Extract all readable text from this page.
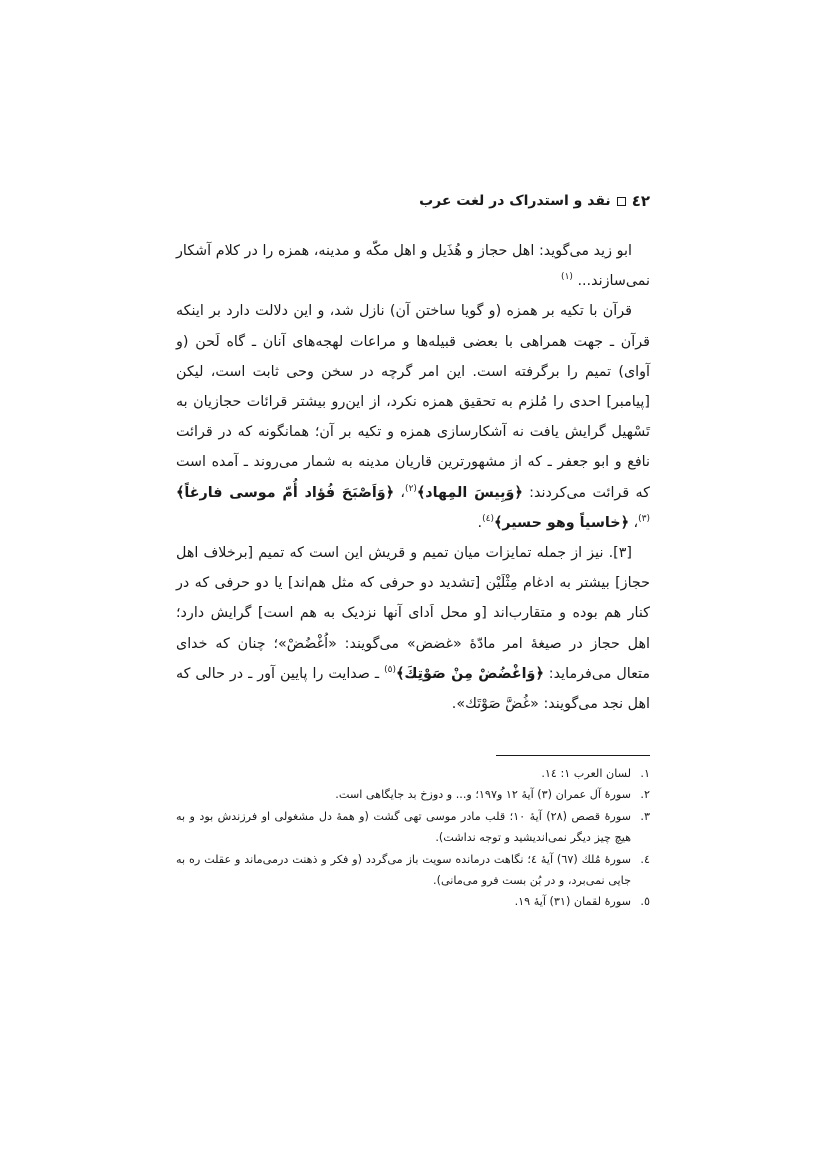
٤٢
نقد و استدراک در لغت عرب

ابو زید می‌گوید: اهل حجاز و هُذَیل و اهل مکّه و مدینه، همزه را در کلام آشکار نمی‌سازند... $^{(١)}$

قرآن با تکیه بر همزه (و گویا ساختن آن) نازل شد، و این دلالت دارد بر اینکه قرآن ـ جهت همراهی با بعضی قبیله‌ها و مراعات لهجه‌های آنان ـ گاه لَحن (و آوای) تمیم را برگرفته است. این امر گرچه در سخن وحی ثابت است، لیکن [پیامبر] احدی را مُلزم به تحقیق همزه نکرد، از این‌رو بیشتر قرائات حجازیان به تَسْهیل گرایش یافت نه آشکارسازی همزه و تکیه بر آن؛ همانگونه که در قرائت نافع و ابو جعفر ـ که از مشهورترین قاریان مدینه به شمار می‌روند ـ آمده است که قرائت می‌کردند: ﴿وَبِیسَ المِهاد﴾$^{(٢)}$، ﴿وَاَصْبَحَ فُؤاد أُمّ موسى فارغاً﴾$^{(٣)}$، ﴿خاسیاً وهو حسیر﴾$^{(٤)}$.

[٣]. نیز از جمله تمایزات میان تمیم و قریش این است که تمیم [برخلاف اهل حجاز] بیشتر به ادغام مِثْلَیْن [تشدید دو حرفی که مثل هم‌اند] یا دو حرفی که در کنار هم بوده و متقارب‌اند [و محل اَدای آنها نزدیک به هم است] گرایش دارد؛ اهل حجاز در صیغهٔ امر مادّهٔ «غضض» می‌گویند: «اُغْضُضْ»؛ چنان که خدای متعال می‌فرماید: ﴿وَاغْضُضْ مِنْ صَوْتِكَ﴾$^{(٥)}$ ـ صدایت را پایین آور ـ در حالی که اهل نجد می‌گویند: «غُضَّ صَوْتَك».

١.
لسان العرب ١: ١٤.
٢.
سورهٔ آل عمران (٣) آیهٔ ١٢ و١٩٧؛ و... و دوزخ بد جایگاهی است.
٣.
سورهٔ قصص (٢٨) آیهٔ ١٠؛ قلب مادر موسی تهی گشت (و همهٔ دل مشغولی او فرزندش بود و به هیچ چیز دیگر نمی‌اندیشید و توجه نداشت).
٤.
سورهٔ مُلك (٦٧) آیهٔ ٤؛ نگاهت درمانده سویت باز می‌گردد (و فکر و ذهنت درمی‌ماند و عقلت ره به جایی نمی‌برد، و در بُن بست فرو می‌مانی).
٥.
سورهٔ لقمان (٣١) آیهٔ ١٩.
